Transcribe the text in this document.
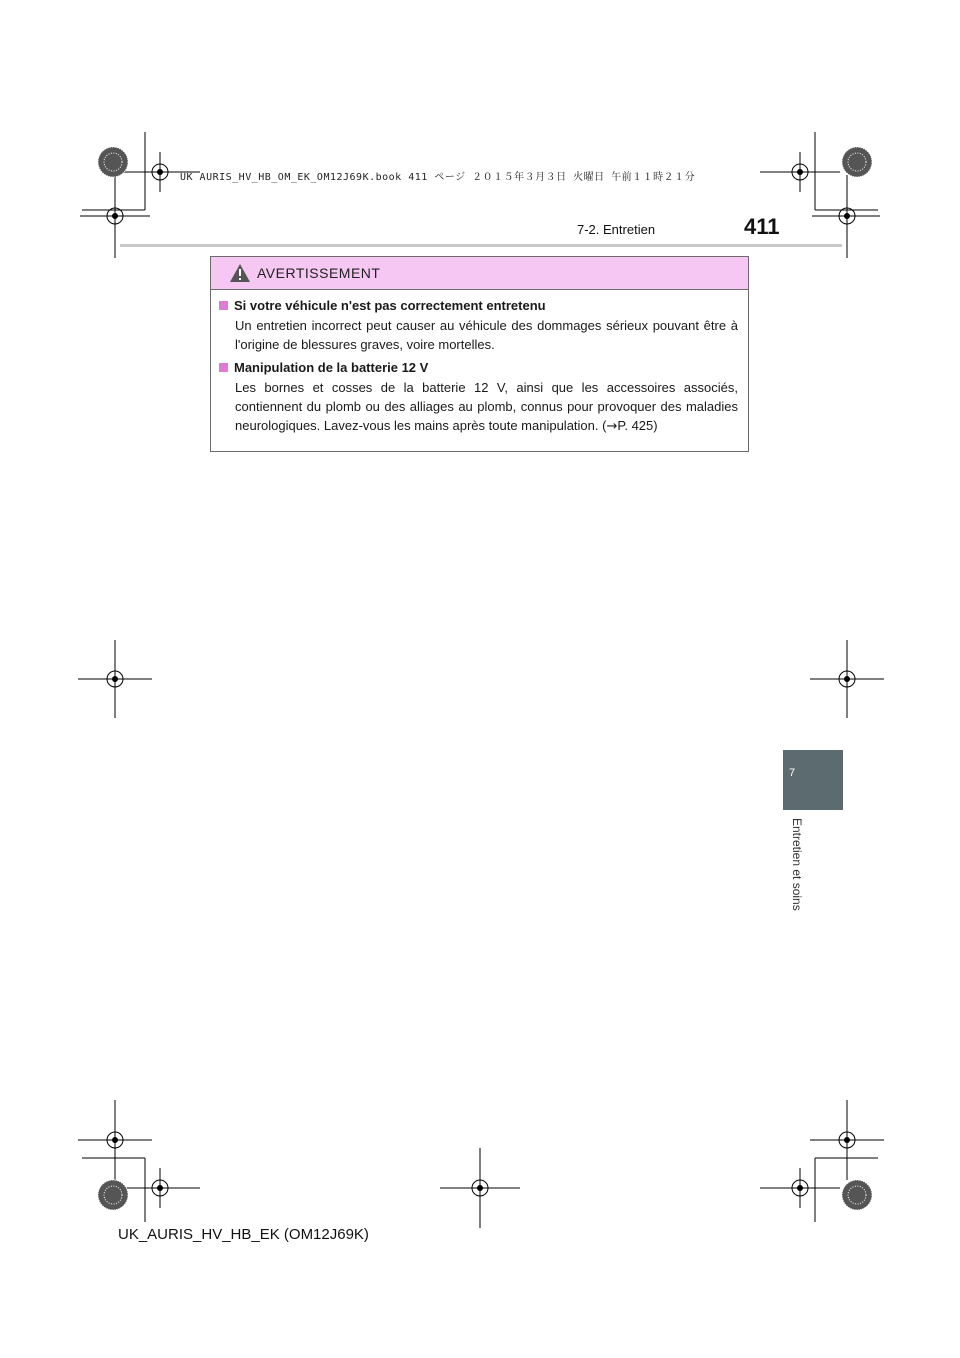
UK AURIS_HV_HB_OM_EK_OM12J69K.book 411 ページ ２０１５年３月３日 火曜日 午前１１時２１分
7-2. Entretien	411
AVERTISSEMENT
Si votre véhicule n'est pas correctement entretenu
Un entretien incorrect peut causer au véhicule des dommages sérieux pouvant être à l'origine de blessures graves, voire mortelles.
Manipulation de la batterie 12 V
Les bornes et cosses de la batterie 12 V, ainsi que les accessoires associés, contiennent du plomb ou des alliages au plomb, connus pour provoquer des maladies neurologiques. Lavez-vous les mains après toute manipulation. (→P. 425)
7
Entretien et soins
UK_AURIS_HV_HB_EK (OM12J69K)
